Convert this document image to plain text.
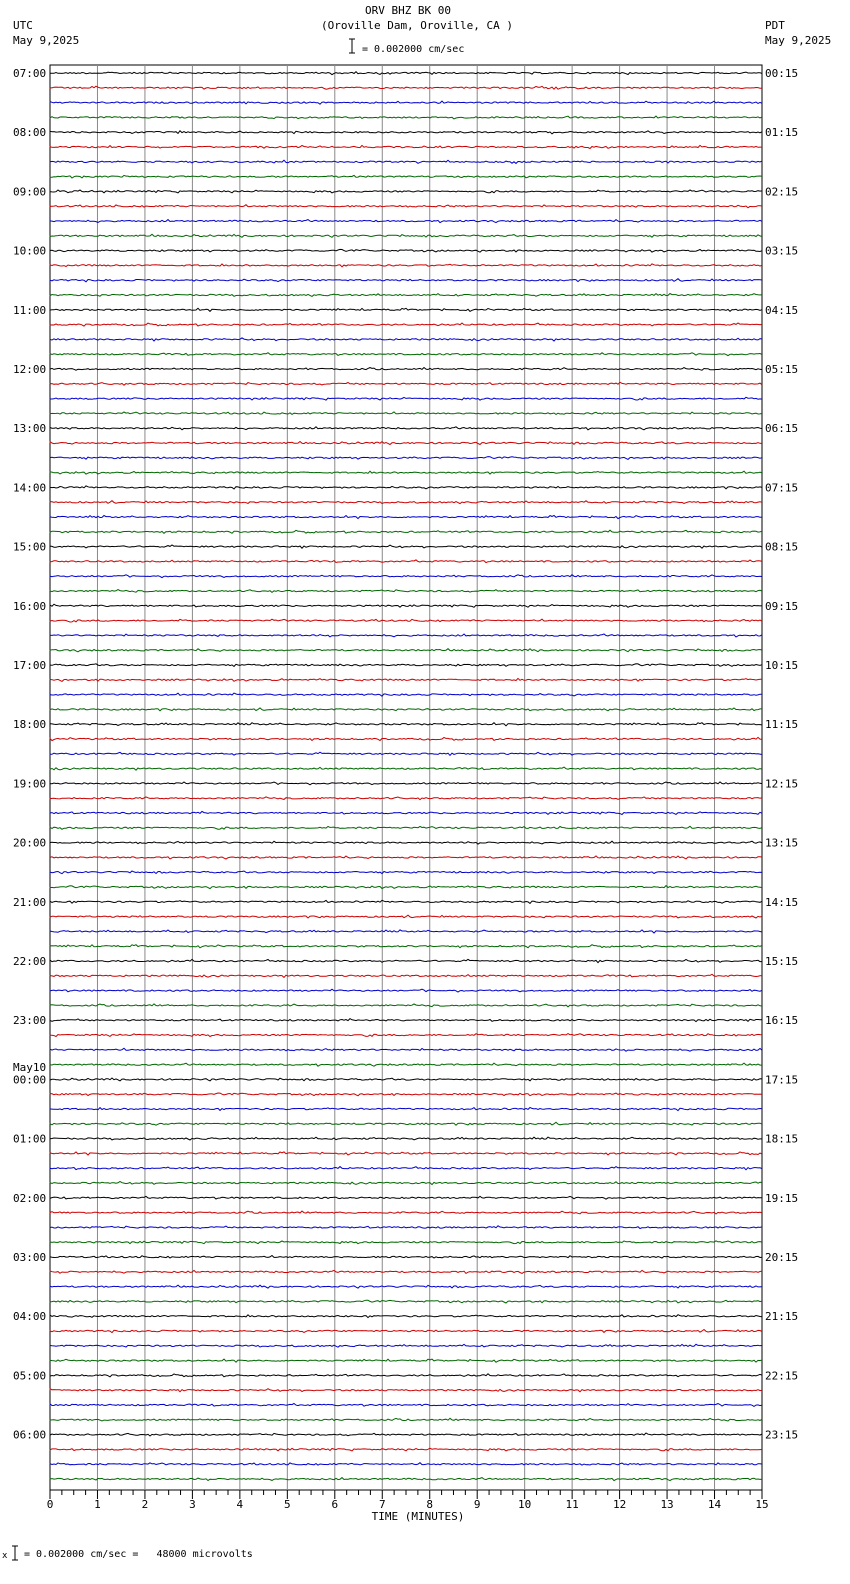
ORV BHZ BK 00
(Oroville Dam, Oroville, CA )
UTC
May 9,2025
PDT
May 9,2025
= 0.002000 cm/sec
x = 0.002000 cm/sec =   48000 microvolts
0	1	2	3	4	5	6	7	8	9	10	11	12	13	14	15
07:00
08:00
09:00
10:00
11:00
12:00
13:00
14:00
15:00
16:00
17:00
18:00
19:00
20:00
21:00
22:00
23:00
00:00
01:00
02:00
03:00
04:00
05:00
06:00
00:15
01:15
02:15
03:15
04:15
05:15
06:15
07:15
08:15
09:15
10:15
11:15
12:15
13:15
14:15
15:15
16:15
17:15
18:15
19:15
20:15
21:15
22:15
23:15
TIME (MINUTES)
May10
